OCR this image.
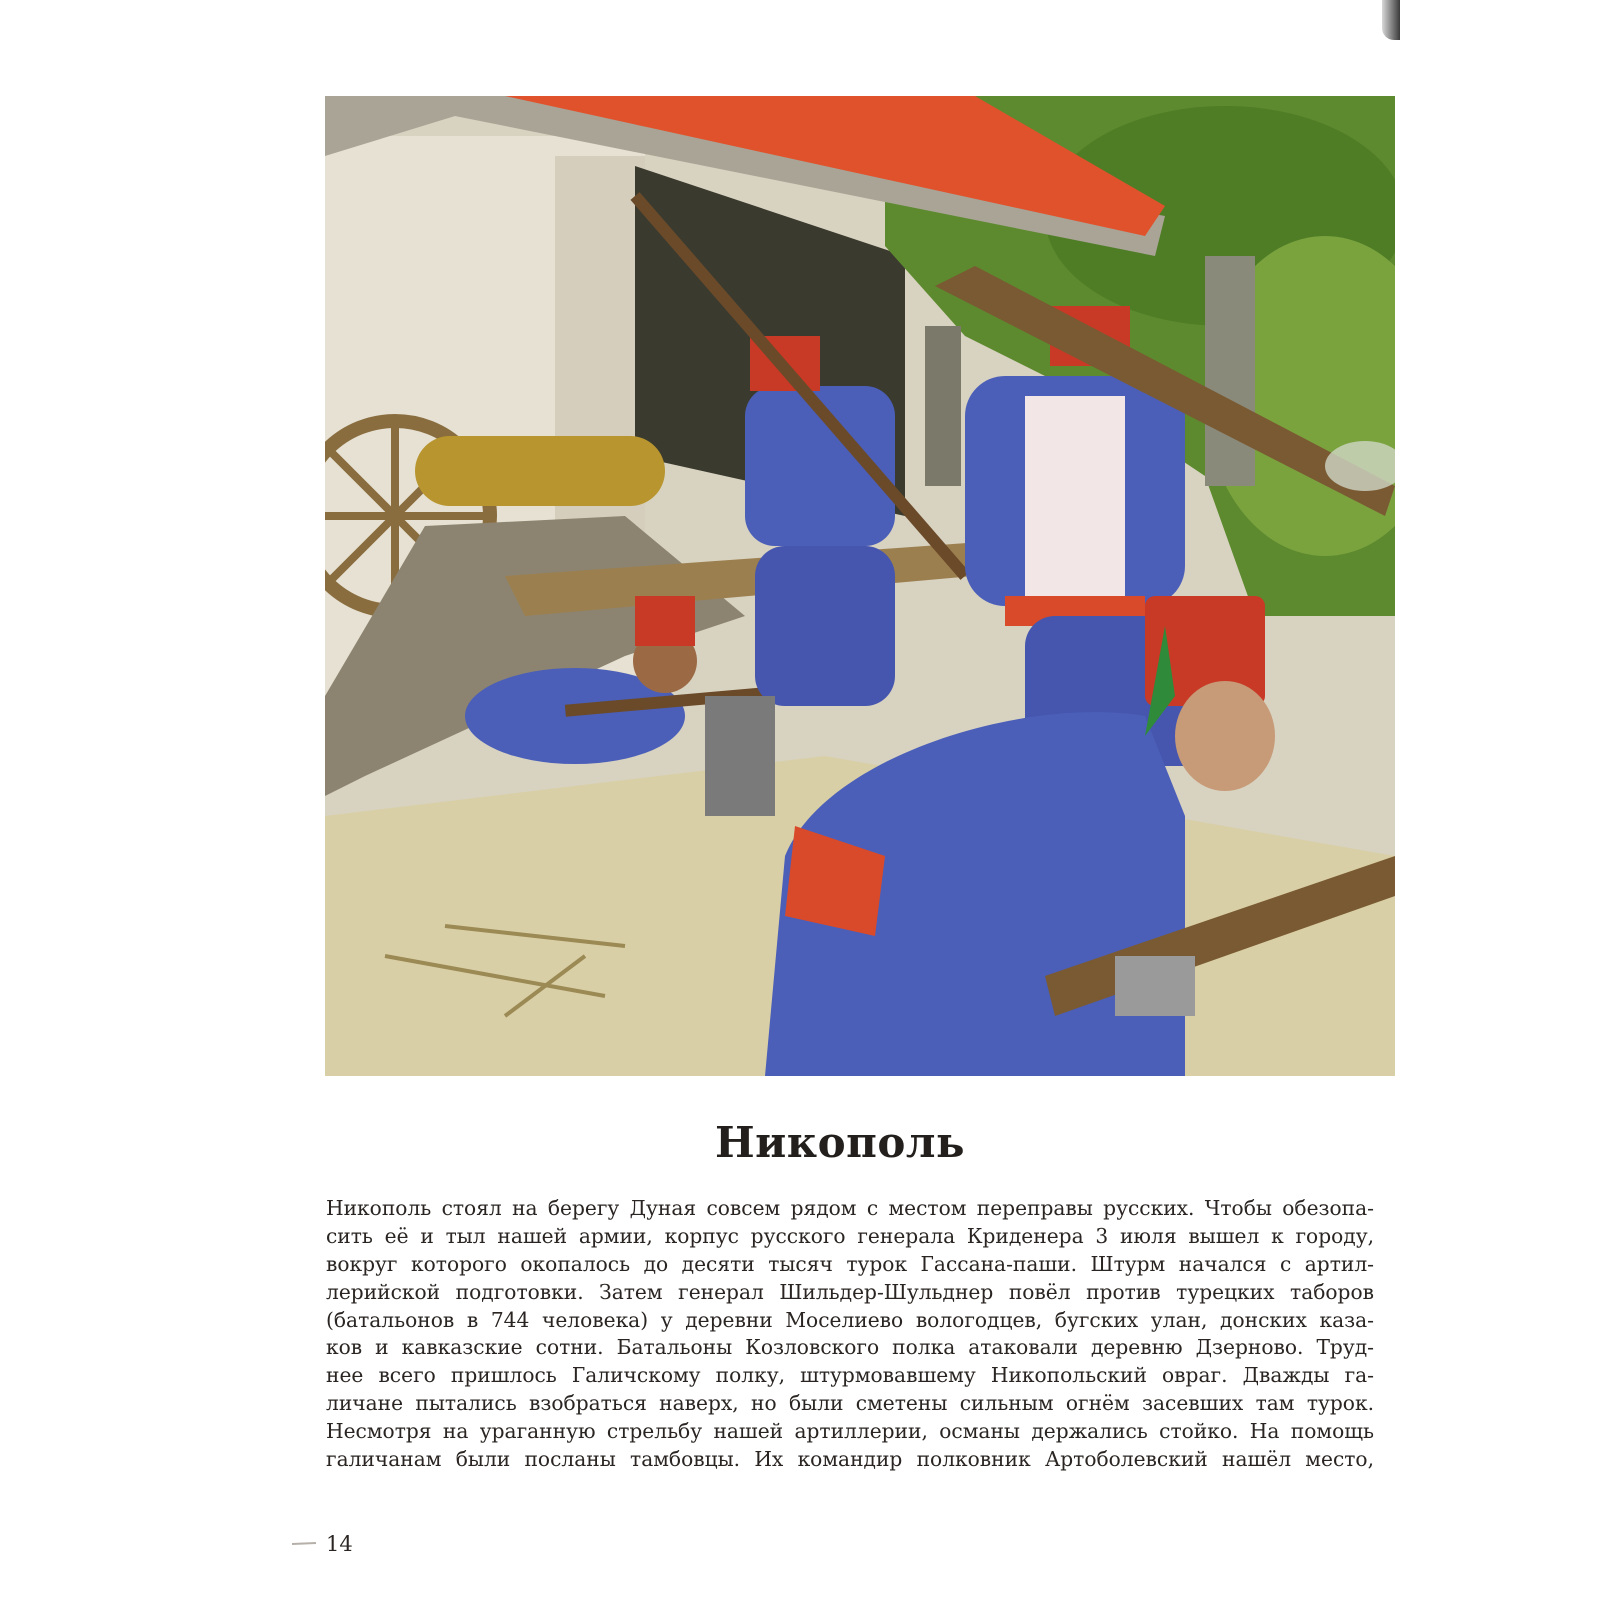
Никополь
Никополь стоял на берегу Дуная совсем рядом с местом переправы русских. Чтобы обезопа-
сить её и тыл нашей армии, корпус русского генерала Криденера 3 июля вышел к городу,
вокруг которого окопалось до десяти тысяч турок Гассана-паши. Штурм начался с артил-
лерийской подготовки. Затем генерал Шильдер-Шульднер повёл против турецких таборов
(батальонов в 744 человека) у деревни Моселиево вологодцев, бугских улан, донских каза-
ков и кавказские сотни. Батальоны Козловского полка атаковали деревню Дзерново. Труд-
нее всего пришлось Галичскому полку, штурмовавшему Никопольский овраг. Дважды га-
личане пытались взобраться наверх, но были сметены сильным огнём засевших там турок.
Несмотря на ураганную стрельбу нашей артиллерии, османы держались стойко. На помощь
галичанам были посланы тамбовцы. Их командир полковник Артоболевский нашёл место,
14
